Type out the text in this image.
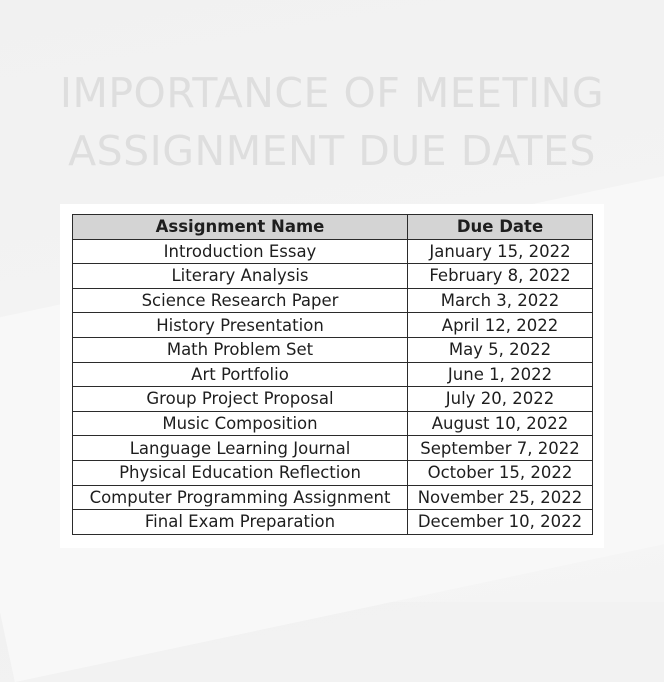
IMPORTANCE OF MEETING
ASSIGNMENT DUE DATES
Assignment Name	Due Date
Introduction Essay	January 15, 2022
Literary Analysis	February 8, 2022
Science Research Paper	March 3, 2022
History Presentation	April 12, 2022
Math Problem Set	May 5, 2022
Art Portfolio	June 1, 2022
Group Project Proposal	July 20, 2022
Music Composition	August 10, 2022
Language Learning Journal	September 7, 2022
Physical Education Reflection	October 15, 2022
Computer Programming Assignment	November 25, 2022
Final Exam Preparation	December 10, 2022
